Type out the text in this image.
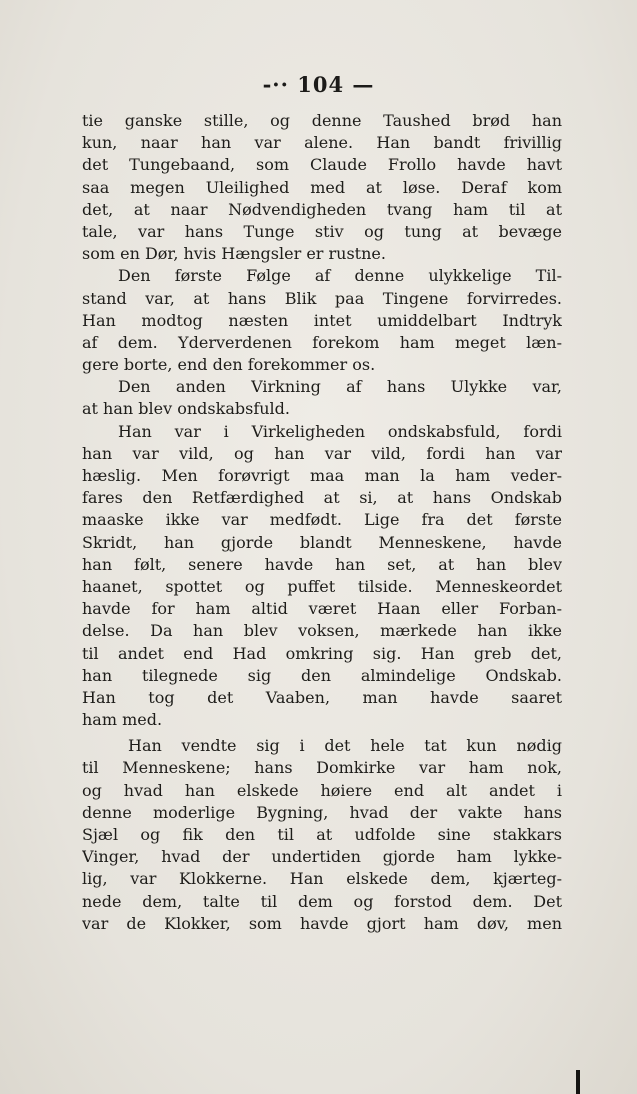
-·· 104 —
tie ganske stille, og denne Taushed brød han
kun, naar han var alene. Han bandt frivillig
det Tungebaand, som Claude Frollo havde havt
saa megen Uleilighed med at løse. Deraf kom
det, at naar Nødvendigheden tvang ham til at
tale, var hans Tunge stiv og tung at bevæge
som en Dør, hvis Hængsler er rustne.
Den første Følge af denne ulykkelige Til-
stand var, at hans Blik paa Tingene forvirredes.
Han modtog næsten intet umiddelbart Indtryk
af dem. Yderverdenen forekom ham meget læn-
gere borte, end den forekommer os.
Den anden Virkning af hans Ulykke var,
at han blev ondskabsfuld.
Han var i Virkeligheden ondskabsfuld, fordi
han var vild, og han var vild, fordi han var
hæslig. Men forøvrigt maa man la ham veder-
fares den Retfærdighed at si, at hans Ondskab
maaske ikke var medfødt. Lige fra det første
Skridt, han gjorde blandt Menneskene, havde
han følt, senere havde han set, at han blev
haanet, spottet og puffet tilside. Menneskeordet
havde for ham altid været Haan eller Forban-
delse. Da han blev voksen, mærkede han ikke
til andet end Had omkring sig. Han greb det,
han tilegnede sig den almindelige Ondskab.
Han tog det Vaaben, man havde saaret
ham med.
Han vendte sig i det hele tat kun nødig
til Menneskene; hans Domkirke var ham nok,
og hvad han elskede høiere end alt andet i
denne moderlige Bygning, hvad der vakte hans
Sjæl og fik den til at udfolde sine stakkars
Vinger, hvad der undertiden gjorde ham lykke-
lig, var Klokkerne. Han elskede dem, kjærteg-
nede dem, talte til dem og forstod dem. Det
var de Klokker, som havde gjort ham døv, men
